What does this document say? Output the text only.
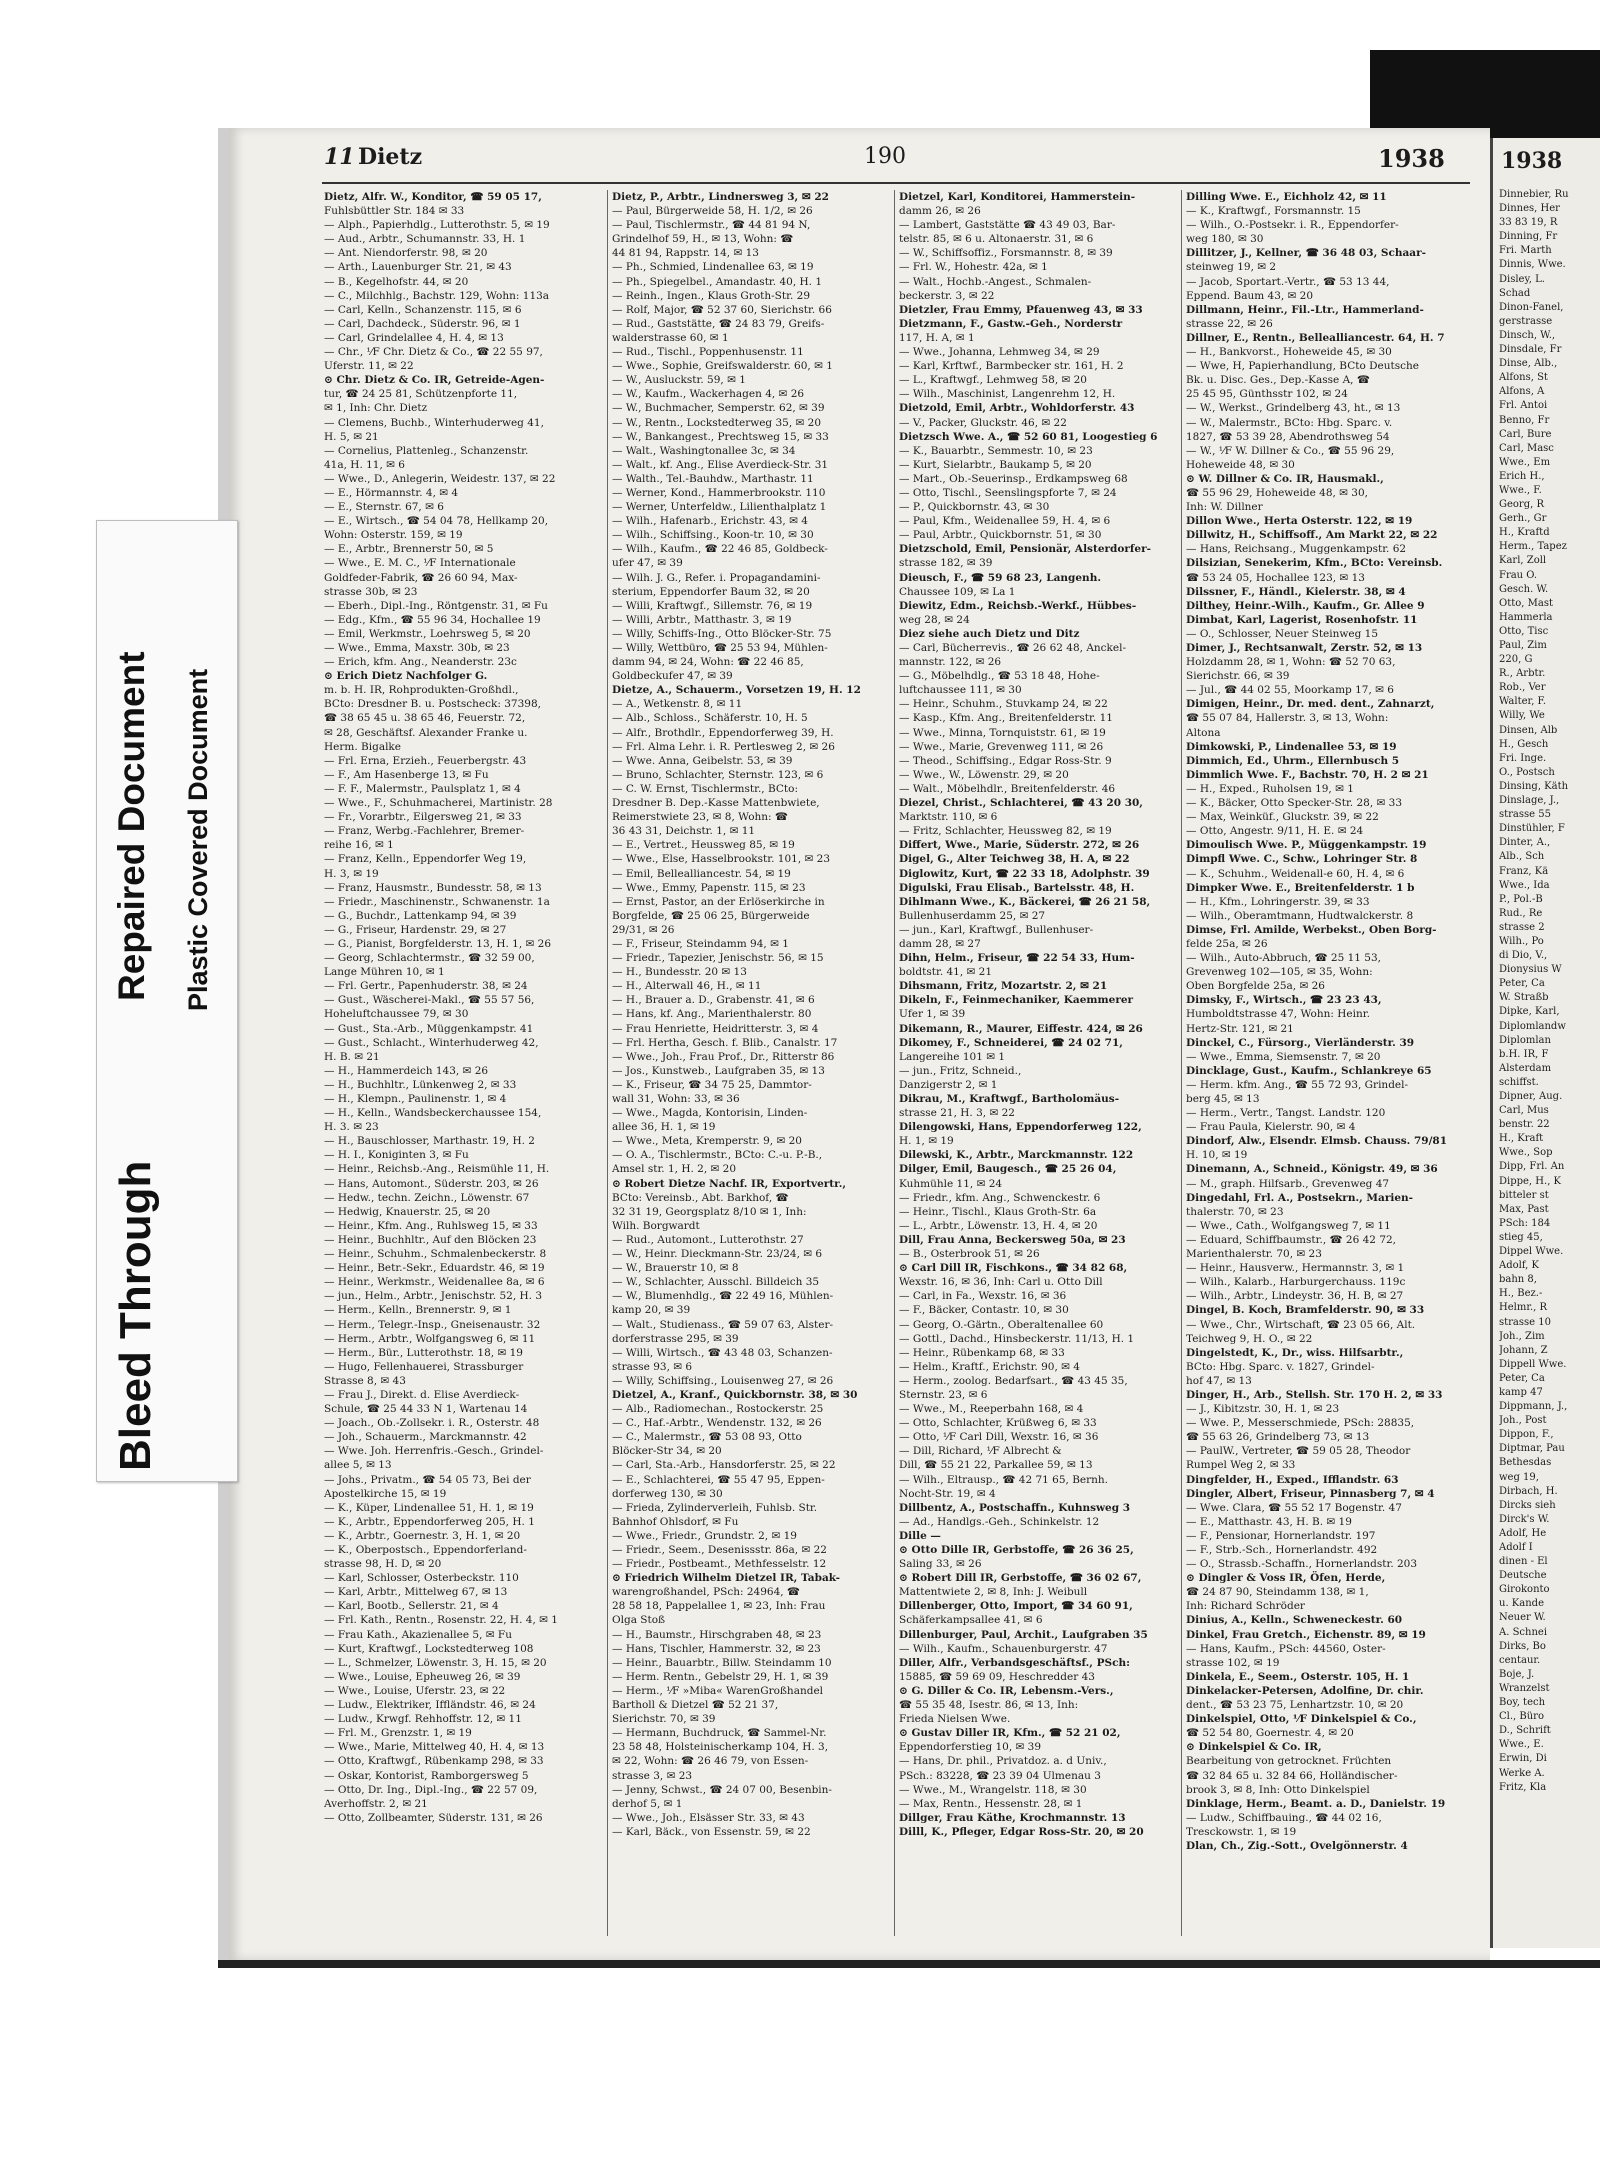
11 Dietz	190	1938

Dietz, Alfr. W., Konditor, ☎ 59 05 17,

Fuhlsbüttler Str. 184 ✉ 33

— Alph., Papierhdlg., Lutterothstr. 5, ✉ 19

— Aud., Arbtr., Schumannstr. 33, H. 1

— Ant. Niendorferstr. 98, ✉ 20

— Arth., Lauenburger Str. 21, ✉ 43

— B., Kegelhofstr. 44, ✉ 20

— C., Milchhlg., Bachstr. 129, Wohn: 113a

— Carl, Kelln., Schanzenstr. 115, ✉ 6

— Carl, Dachdeck., Süderstr. 96, ✉ 1

— Carl, Grindelallee 4, H. 4, ✉ 13

— Chr., ⅟F Chr. Dietz & Co., ☎ 22 55 97,

Uferstr. 11, ✉ 22

⊙ Chr. Dietz & Co. IR, Getreide-Agen-

tur, ☎ 24 25 81, Schützenpforte 11,

✉ 1, Inh: Chr. Dietz

— Clemens, Buchb., Winterhuderweg 41,

H. 5, ✉ 21

— Cornelius, Plattenleg., Schanzenstr.

41a, H. 11, ✉ 6

— Wwe., D., Anlegerin, Weidestr. 137, ✉ 22

— E., Hörmannstr. 4, ✉ 4

— E., Sternstr. 67, ✉ 6

— E., Wirtsch., ☎ 54 04 78, Hellkamp 20,

Wohn: Osterstr. 159, ✉ 19

— E., Arbtr., Brennerstr 50, ✉ 5

— Wwe., E. M. C., ⅟F Internationale

Goldfeder-Fabrik, ☎ 26 60 94, Max-

strasse 30b, ✉ 23

— Eberh., Dipl.-Ing., Röntgenstr. 31, ✉ Fu

— Edg., Kfm., ☎ 55 96 34, Hochallee 19

— Emil, Werkmstr., Loehrsweg 5, ✉ 20

— Wwe., Emma, Maxstr. 30b, ✉ 23

— Erich, kfm. Ang., Neanderstr. 23c

⊙ Erich Dietz Nachfolger G.

m. b. H. IR, Rohprodukten-Großhdl.,

BCto: Dresdner B. u. Postscheck: 37398,

☎ 38 65 45 u. 38 65 46, Feuerstr. 72,

✉ 28, Geschäftsf. Alexander Franke u.

Herm. Bigalke

— Frl. Erna, Erzieh., Feuerbergstr. 43

— F., Am Hasenberge 13, ✉ Fu

— F. F., Malermstr., Paulsplatz 1, ✉ 4

— Wwe., F., Schuhmacherei, Martinistr. 28

— Fr., Vorarbtr., Eilgersweg 21, ✉ 33

— Franz, Werbg.-Fachlehrer, Bremer-

reihe 16, ✉ 1

— Franz, Kelln., Eppendorfer Weg 19,

H. 3, ✉ 19

— Franz, Hausmstr., Bundesstr. 58, ✉ 13

— Friedr., Maschinenstr., Schwanenstr. 1a

— G., Buchdr., Lattenkamp 94, ✉ 39

— G., Friseur, Hardenstr. 29, ✉ 27

— G., Pianist, Borgfelderstr. 13, H. 1, ✉ 26

— Georg, Schlachtermstr., ☎ 32 59 00,

Lange Mühren 10, ✉ 1

— Frl. Gertr., Papenhuderstr. 38, ✉ 24

— Gust., Wäscherei-Makl., ☎ 55 57 56,

Hoheluftchaussee 79, ✉ 30

— Gust., Sta.-Arb., Müggenkampstr. 41

— Gust., Schlacht., Winterhuderweg 42,

H. B. ✉ 21

— H., Hammerdeich 143, ✉ 26

— H., Buchhltr., Lünkenweg 2, ✉ 33

— H., Klempn., Paulinenstr. 1, ✉ 4

— H., Kelln., Wandsbeckerchaussee 154,

H. 3. ✉ 23

— H., Bauschlosser, Marthastr. 19, H. 2

— H. I., Koniginten 3, ✉ Fu

— Heinr., Reichsb.-Ang., Reismühle 11, H.

— Hans, Automont., Süderstr. 203, ✉ 26

— Hedw., techn. Zeichn., Löwenstr. 67

— Hedwig, Knauerstr. 25, ✉ 20

— Heinr., Kfm. Ang., Ruhlsweg 15, ✉ 33

— Heinr., Buchhltr., Auf den Blöcken 23

— Heinr., Schuhm., Schmalenbeckerstr. 8

— Heinr., Betr.-Sekr., Eduardstr. 46, ✉ 19

— Heinr., Werkmstr., Weidenallee 8a, ✉ 6

— jun., Helm., Arbtr., Jenischstr. 52, H. 3

— Herm., Kelln., Brennerstr. 9, ✉ 1

— Herm., Telegr.-Insp., Gneisenaustr. 32

— Herm., Arbtr., Wolfgangsweg 6, ✉ 11

— Herm., Bür., Lutterothstr. 18, ✉ 19

— Hugo, Fellenhauerei, Strassburger

Strasse 8, ✉ 43

— Frau J., Direkt. d. Elise Averdieck-

Schule, ☎ 25 44 33 N 1, Wartenau 14

— Joach., Ob.-Zollsekr. i. R., Osterstr. 48

— Joh., Schauerm., Marckmannstr. 42

— Wwe. Joh. Herrenfris.-Gesch., Grindel-

allee 5, ✉ 13

— Johs., Privatm., ☎ 54 05 73, Bei der

Apostelkirche 15, ✉ 19

— K., Küper, Lindenallee 51, H. 1, ✉ 19

— K., Arbtr., Eppendorferweg 205, H. 1

— K., Arbtr., Goernestr. 3, H. 1, ✉ 20

— K., Oberpostsch., Eppendorferland-

strasse 98, H. D, ✉ 20

— Karl, Schlosser, Osterbeckstr. 110

— Karl, Arbtr., Mittelweg 67, ✉ 13

— Karl, Bootb., Sellerstr. 21, ✉ 4

— Frl. Kath., Rentn., Rosenstr. 22, H. 4, ✉ 1

— Frau Kath., Akazienallee 5, ✉ Fu

— Kurt, Kraftwgf., Lockstedterweg 108

— L., Schmelzer, Löwenstr. 3, H. 15, ✉ 20

— Wwe., Louise, Epheuweg 26, ✉ 39

— Wwe., Louise, Uferstr. 23, ✉ 22

— Ludw., Elektriker, Iffländstr. 46, ✉ 24

— Ludw., Krwgf. Rehhoffstr. 12, ✉ 11

— Frl. M., Grenzstr. 1, ✉ 19

— Wwe., Marie, Mittelweg 40, H. 4, ✉ 13

— Otto, Kraftwgf., Rübenkamp 298, ✉ 33

— Oskar, Kontorist, Ramborgersweg 5

— Otto, Dr. Ing., Dipl.-Ing., ☎ 22 57 09,

Averhoffstr. 2, ✉ 21

— Otto, Zollbeamter, Süderstr. 131, ✉ 26

Dietz, P., Arbtr., Lindnersweg 3, ✉ 22

— Paul, Bürgerweide 58, H. 1/2, ✉ 26

— Paul, Tischlermstr., ☎ 44 81 94 N,

Grindelhof 59, H., ✉ 13, Wohn: ☎

44 81 94, Rappstr. 14, ✉ 13

— Ph., Schmied, Lindenallee 63, ✉ 19

— Ph., Spiegelbel., Amandastr. 40, H. 1

— Reinh., Ingen., Klaus Groth-Str. 29

— Rolf, Major, ☎ 52 37 60, Sierichstr. 66

— Rud., Gaststätte, ☎ 24 83 79, Greifs-

walderstrasse 60, ✉ 1

— Rud., Tischl., Poppenhusenstr. 11

— Wwe., Sophie, Greifswalderstr. 60, ✉ 1

— W., Ausluckstr. 59, ✉ 1

— W., Kaufm., Wackerhagen 4, ✉ 26

— W., Buchmacher, Semperstr. 62, ✉ 39

— W., Rentn., Lockstedterweg 35, ✉ 20

— W., Bankangest., Prechtsweg 15, ✉ 33

— Walt., Washingtonallee 3c, ✉ 34

— Walt., kf. Ang., Elise Averdieck-Str. 31

— Walth., Tel.-Bauhdw., Marthastr. 11

— Werner, Kond., Hammerbrookstr. 110

— Werner, Unterfeldw., Lilienthalplatz 1

— Wilh., Hafenarb., Erichstr. 43, ✉ 4

— Wilh., Schiffsing., Koon-tr. 10, ✉ 30

— Wilh., Kaufm., ☎ 22 46 85, Goldbeck-

ufer 47, ✉ 39

— Wilh. J. G., Refer. i. Propagandamini-

sterium, Eppendorfer Baum 32, ✉ 20

— Willi, Kraftwgf., Sillemstr. 76, ✉ 19

— Willi, Arbtr., Matthastr. 3, ✉ 19

— Willy, Schiffs-Ing., Otto Blöcker-Str. 75

— Willy, Wettbüro, ☎ 25 53 94, Mühlen-

damm 94, ✉ 24, Wohn: ☎ 22 46 85,

Goldbeckufer 47, ✉ 39

Dietze, A., Schauerm., Vorsetzen 19, H. 12

— A., Wetkenstr. 8, ✉ 11

— Alb., Schloss., Schäferstr. 10, H. 5

— Alfr., Brothdlr., Eppendorferweg 39, H.

— Frl. Alma Lehr. i. R. Pertlesweg 2, ✉ 26

— Wwe. Anna, Geibelstr. 53, ✉ 39

— Bruno, Schlachter, Sternstr. 123, ✉ 6

— C. W. Ernst, Tischlermstr., BCto:

Dresdner B. Dep.-Kasse Mattenbwiete,

Reimerstwiete 23, ✉ 8, Wohn: ☎

36 43 31, Deichstr. 1, ✉ 11

— E., Vertret., Heussweg 85, ✉ 19

— Wwe., Else, Hasselbrookstr. 101, ✉ 23

— Emil, Bellealliancestr. 54, ✉ 19

— Wwe., Emmy, Papenstr. 115, ✉ 23

— Ernst, Pastor, an der Erlöserkirche in

Borgfelde, ☎ 25 06 25, Bürgerweide

29/31, ✉ 26

— F., Friseur, Steindamm 94, ✉ 1

— Friedr., Tapezier, Jenischstr. 56, ✉ 15

— H., Bundesstr. 20 ✉ 13

— H., Alterwall 46, H., ✉ 11

— H., Brauer a. D., Grabenstr. 41, ✉ 6

— Hans, kf. Ang., Marienthalerstr. 80

— Frau Henriette, Heidritterstr. 3, ✉ 4

— Frl. Hertha, Gesch. f. Blib., Canalstr. 17

— Wwe., Joh., Frau Prof., Dr., Ritterstr 86

— Jos., Kunstweb., Laufgraben 35, ✉ 13

— K., Friseur, ☎ 34 75 25, Dammtor-

wall 31, Wohn: 33, ✉ 36

— Wwe., Magda, Kontorisin, Linden-

allee 36, H. 1, ✉ 19

— Wwe., Meta, Kremperstr. 9, ✉ 20

— O. A., Tischlermstr., BCto: C.-u. P.-B.,

Amsel str. 1, H. 2, ✉ 20

⊙ Robert Dietze Nachf. IR, Exportvertr.,

BCto: Vereinsb., Abt. Barkhof, ☎

32 31 19, Georgsplatz 8/10 ✉ 1, Inh:

Wilh. Borgwardt

— Rud., Automont., Lutterothstr. 27

— W., Heinr. Dieckmann-Str. 23/24, ✉ 6

— W., Brauerstr 10, ✉ 8

— W., Schlachter, Ausschl. Billdeich 35

— W., Blumenhdlg., ☎ 22 49 16, Mühlen-

kamp 20, ✉ 39

— Walt., Studienass., ☎ 59 07 63, Alster-

dorferstrasse 295, ✉ 39

— Willi, Wirtsch., ☎ 43 48 03, Schanzen-

strasse 93, ✉ 6

— Willy, Schiffsing., Louisenweg 27, ✉ 26

Dietzel, A., Kranf., Quickbornstr. 38, ✉ 30

— Alb., Radiomechan., Rostockerstr. 25

— C., Haf.-Arbtr., Wendenstr. 132, ✉ 26

— C., Malermstr., ☎ 53 08 93, Otto

Blöcker-Str 34, ✉ 20

— Carl, Sta.-Arb., Hansdorferstr. 25, ✉ 22

— E., Schlachterei, ☎ 55 47 95, Eppen-

dorferweg 130, ✉ 30

— Frieda, Zylinderverleih, Fuhlsb. Str.

Bahnhof Ohlsdorf, ✉ Fu

— Wwe., Friedr., Grundstr. 2, ✉ 19

— Friedr., Seem., Desenissstr. 86a, ✉ 22

— Friedr., Postbeamt., Methfesselstr. 12

⊙ Friedrich Wilhelm Dietzel IR, Tabak-

warengroßhandel, PSch: 24964, ☎

28 58 18, Pappelallee 1, ✉ 23, Inh: Frau

Olga Stoß

— H., Baumstr., Hirschgraben 48, ✉ 23

— Hans, Tischler, Hammerstr. 32, ✉ 23

— Heinr., Bauarbtr., Billw. Steindamm 10

— Herm. Rentn., Gebelstr 29, H. 1, ✉ 39

— Herm., ⅟F »Miba« WarenGroßhandel

Bartholl & Dietzel ☎ 52 21 37,

Sierichstr. 70, ✉ 39

— Hermann, Buchdruck, ☎ Sammel-Nr.

23 58 48, Holsteinischerkamp 104, H. 3,

✉ 22, Wohn: ☎ 26 46 79, von Essen-

strasse 3, ✉ 23

— Jenny, Schwst., ☎ 24 07 00, Besenbin-

derhof 5, ✉ 1

— Wwe., Joh., Elsässer Str. 33, ✉ 43

— Karl, Bäck., von Essenstr. 59, ✉ 22

Dietzel, Karl, Konditorei, Hammerstein-

damm 26, ✉ 26

— Lambert, Gaststätte ☎ 43 49 03, Bar-

telstr. 85, ✉ 6 u. Altonaerstr. 31, ✉ 6

— W., Schiffsoffiz., Forsmannstr. 8, ✉ 39

— Frl. W., Hohestr. 42a, ✉ 1

— Walt., Hochb.-Angest., Schmalen-

beckerstr. 3, ✉ 22

Dietzler, Frau Emmy, Pfauenweg 43, ✉ 33

Dietzmann, F., Gastw.-Geh., Norderstr

117, H. A, ✉ 1

— Wwe., Johanna, Lehmweg 34, ✉ 29

— Karl, Krftwf., Barmbecker str. 161, H. 2

— L., Kraftwgf., Lehmweg 58, ✉ 20

— Wilh., Maschinist, Langenrehm 12, H.

Dietzold, Emil, Arbtr., Wohldorferstr. 43

— V., Packer, Gluckstr. 46, ✉ 22

Dietzsch Wwe. A., ☎ 52 60 81, Loogestieg 6

— K., Bauarbtr., Semmestr. 10, ✉ 23

— Kurt, Sielarbtr., Baukamp 5, ✉ 20

— Mart., Ob.-Seuerinsp., Erdkampsweg 68

— Otto, Tischl., Seenslingspforte 7, ✉ 24

— P., Quickbornstr. 43, ✉ 30

— Paul, Kfm., Weidenallee 59, H. 4, ✉ 6

— Paul, Arbtr., Quickbornstr. 51, ✉ 30

Dietzschold, Emil, Pensionär, Alsterdorfer-

strasse 182, ✉ 39

Dieusch, F., ☎ 59 68 23, Langenh.

Chaussee 109, ✉ La 1

Diewitz, Edm., Reichsb.-Werkf., Hübbes-

weg 28, ✉ 24

Diez siehe auch Dietz und Ditz

— Carl, Bücherrevis., ☎ 26 62 48, Anckel-

mannstr. 122, ✉ 26

— G., Möbelhdlg., ☎ 53 18 48, Hohe-

luftchaussee 111, ✉ 30

— Heinr., Schuhm., Stuvkamp 24, ✉ 22

— Kasp., Kfm. Ang., Breitenfelderstr. 11

— Wwe., Minna, Tornquiststr. 61, ✉ 19

— Wwe., Marie, Grevenweg 111, ✉ 26

— Theod., Schiffsing., Edgar Ross-Str. 9

— Wwe., W., Löwenstr. 29, ✉ 20

— Walt., Möbelhdlr., Breitenfelderstr. 46

Diezel, Christ., Schlachterei, ☎ 43 20 30,

Marktstr. 110, ✉ 6

— Fritz, Schlachter, Heussweg 82, ✉ 19

Differt, Wwe., Marie, Süderstr. 272, ✉ 26

Digel, G., Alter Teichweg 38, H. A, ✉ 22

Diglowitz, Kurt, ☎ 22 33 18, Adolphstr. 39

Digulski, Frau Elisab., Bartelsstr. 48, H.

Dihlmann Wwe., K., Bäckerei, ☎ 26 21 58,

Bullenhuserdamm 25, ✉ 27

— jun., Karl, Kraftwgf., Bullenhuser-

damm 28, ✉ 27

Dihn, Helm., Friseur, ☎ 22 54 33, Hum-

boldtstr. 41, ✉ 21

Dihsmann, Fritz, Mozartstr. 2, ✉ 21

Dikeln, F., Feinmechaniker, Kaemmerer

Ufer 1, ✉ 39

Dikemann, R., Maurer, Eiffestr. 424, ✉ 26

Dikomey, F., Schneiderei, ☎ 24 02 71,

Langereihe 101 ✉ 1

— jun., Fritz, Schneid.,

Danzigerstr 2, ✉ 1

Dikrau, M., Kraftwgf., Bartholomäus-

strasse 21, H. 3, ✉ 22

Dilengowski, Hans, Eppendorferweg 122,

H. 1, ✉ 19

Dilewski, K., Arbtr., Marckmannstr. 122

Dilger, Emil, Baugesch., ☎ 25 26 04,

Kuhmühle 11, ✉ 24

— Friedr., kfm. Ang., Schwenckestr. 6

— Heinr., Tischl., Klaus Groth-Str. 6a

— L., Arbtr., Löwenstr. 13, H. 4, ✉ 20

Dill, Frau Anna, Beckersweg 50a, ✉ 23

— B., Osterbrook 51, ✉ 26

⊙ Carl Dill IR, Fischkons., ☎ 34 82 68,

Wexstr. 16, ✉ 36, Inh: Carl u. Otto Dill

— Carl, in Fa., Wexstr. 16, ✉ 36

— F., Bäcker, Contastr. 10, ✉ 30

— Georg, O.-Gärtn., Oberaltenallee 60

— Gottl., Dachd., Hinsbeckerstr. 11/13, H. 1

— Heinr., Rübenkamp 68, ✉ 33

— Helm., Kraftf., Erichstr. 90, ✉ 4

— Herm., zoolog. Bedarfsart., ☎ 43 45 35,

Sternstr. 23, ✉ 6

— Wwe., M., Reeperbahn 168, ✉ 4

— Otto, Schlachter, Krüßweg 6, ✉ 33

— Otto, ⅟F Carl Dill, Wexstr. 16, ✉ 36

— Dill, Richard, ⅟F Albrecht &

Dill, ☎ 55 21 22, Parkallee 59, ✉ 13

— Wilh., Eltrausp., ☎ 42 71 65, Bernh.

Nocht-Str. 19, ✉ 4

Dillbentz, A., Postschaffn., Kuhnsweg 3

— Ad., Handlgs.-Geh., Schinkelstr. 12

Dille —

⊙ Otto Dille IR, Gerbstoffe, ☎ 26 36 25,

Saling 33, ✉ 26

⊙ Robert Dill IR, Gerbstoffe, ☎ 36 02 67,

Mattentwiete 2, ✉ 8, Inh: J. Weibull

Dillenberger, Otto, Import, ☎ 34 60 91,

Schäferkampsallee 41, ✉ 6

Dillenburger, Paul, Archit., Laufgraben 35

— Wilh., Kaufm., Schauenburgerstr. 47

Diller, Alfr., Verbandsgeschäftsf., PSch:

15885, ☎ 59 69 09, Heschredder 43

⊙ G. Diller & Co. IR, Lebensm.-Vers.,

☎ 55 35 48, Isestr. 86, ✉ 13, Inh:

Frieda Nielsen Wwe.

⊙ Gustav Diller IR, Kfm., ☎ 52 21 02,

Eppendorferstieg 10, ✉ 39

— Hans, Dr. phil., Privatdoz. a. d Univ.,

PSch.: 83228, ☎ 23 39 04 Ulmenau 3

— Wwe., M., Wrangelstr. 118, ✉ 30

— Max, Rentn., Hessenstr. 28, ✉ 1

Dillger, Frau Käthe, Krochmannstr. 13

Dilll, K., Pfleger, Edgar Ross-Str. 20, ✉ 20

Dilling Wwe. E., Eichholz 42, ✉ 11

— K., Kraftwgf., Forsmannstr. 15

— Wilh., O.-Postsekr. i. R., Eppendorfer-

weg 180, ✉ 30

Dillitzer, J., Kellner, ☎ 36 48 03, Schaar-

steinweg 19, ✉ 2

— Jacob, Sportart.-Vertr., ☎ 53 13 44,

Eppend. Baum 43, ✉ 20

Dillmann, Heinr., Fil.-Ltr., Hammerland-

strasse 22, ✉ 26

Dillner, E., Rentn., Bellealliancestr. 64, H. 7

— H., Bankvorst., Hoheweide 45, ✉ 30

— Wwe, H, Papierhandlung, BCto Deutsche

Bk. u. Disc. Ges., Dep.-Kasse A, ☎

25 45 95, Günthsstr 102, ✉ 24

— W., Werkst., Grindelberg 43, ht., ✉ 13

— W., Malermstr., BCto: Hbg. Sparc. v.

1827, ☎ 53 39 28, Abendrothsweg 54

— W., ⅟F W. Dillner & Co., ☎ 55 96 29,

Hoheweide 48, ✉ 30

⊙ W. Dillner & Co. IR, Hausmakl.,

☎ 55 96 29, Hoheweide 48, ✉ 30,

Inh: W. Dillner

Dillon Wwe., Herta Osterstr. 122, ✉ 19

Dillwitz, H., Schiffsoff., Am Markt 22, ✉ 22

— Hans, Reichsang., Muggenkampstr. 62

Dilsizian, Senekerim, Kfm., BCto: Vereinsb.

☎ 53 24 05, Hochallee 123, ✉ 13

Dilssner, F., Händl., Kielerstr. 38, ✉ 4

Dilthey, Heinr.-Wilh., Kaufm., Gr. Allee 9

Dimbat, Karl, Lagerist, Rosenhofstr. 11

— O., Schlosser, Neuer Steinweg 15

Dimer, J., Rechtsanwalt, Zerstr. 52, ✉ 13

Holzdamm 28, ✉ 1, Wohn: ☎ 52 70 63,

Sierichstr. 66, ✉ 39

— Jul., ☎ 44 02 55, Moorkamp 17, ✉ 6

Dimigen, Heinr., Dr. med. dent., Zahnarzt,

☎ 55 07 84, Hallerstr. 3, ✉ 13, Wohn:

Altona

Dimkowski, P., Lindenallee 53, ✉ 19

Dimmich, Ed., Uhrm., Ellernbusch 5

Dimmlich Wwe. F., Bachstr. 70, H. 2 ✉ 21

— H., Exped., Ruholsen 19, ✉ 1

— K., Bäcker, Otto Specker-Str. 28, ✉ 33

— Max, Weinküf., Gluckstr. 39, ✉ 22

— Otto, Angestr. 9/11, H. E. ✉ 24

Dimoulisch Wwe. P., Müggenkampstr. 19

Dimpfl Wwe. C., Schw., Lohringer Str. 8

— K., Schuhm., Weidenall-e 60, H. 4, ✉ 6

Dimpker Wwe. E., Breitenfelderstr. 1 b

— H., Kfm., Lohringerstr. 39, ✉ 33

— Wilh., Oberamtmann, Hudtwalckerstr. 8

Dimse, Frl. Amilde, Werbekst., Oben Borg-

felde 25a, ✉ 26

— Wilh., Auto-Abbruch, ☎ 25 11 53,

Grevenweg 102—105, ✉ 35, Wohn:

Oben Borgfelde 25a, ✉ 26

Dimsky, F., Wirtsch., ☎ 23 23 43,

Humboldtstrasse 47, Wohn: Heinr.

Hertz-Str. 121, ✉ 21

Dinckel, C., Fürsorg., Vierländerstr. 39

— Wwe., Emma, Siemsenstr. 7, ✉ 20

Dincklage, Gust., Kaufm., Schlankreye 65

— Herm. kfm. Ang., ☎ 55 72 93, Grindel-

berg 45, ✉ 13

— Herm., Vertr., Tangst. Landstr. 120

— Frau Paula, Kielerstr. 90, ✉ 4

Dindorf, Alw., Elsendr. Elmsb. Chauss. 79/81

H. 10, ✉ 19

Dinemann, A., Schneid., Königstr. 49, ✉ 36

— M., graph. Hilfsarb., Grevenweg 47

Dingedahl, Frl. A., Postsekrn., Marien-

thalerstr. 70, ✉ 23

— Wwe., Cath., Wolfgangsweg 7, ✉ 11

— Eduard, Schiffbaumstr., ☎ 26 42 72,

Marienthalerstr. 70, ✉ 23

— Heinr., Hausverw., Hermannstr. 3, ✉ 1

— Wilh., Kalarb., Harburgerchauss. 119c

— Wilh., Arbtr., Lindeystr. 36, H. B, ✉ 27

Dingel, B. Koch, Bramfelderstr. 90, ✉ 33

— Wwe., Chr., Wirtschaft, ☎ 23 05 66, Alt.

Teichweg 9, H. O., ✉ 22

Dingelstedt, K., Dr., wiss. Hilfsarbtr.,

BCto: Hbg. Sparc. v. 1827, Grindel-

hof 47, ✉ 13

Dinger, H., Arb., Stellsh. Str. 170 H. 2, ✉ 33

— J., Kibitzstr. 30, H. 1, ✉ 23

— Wwe. P., Messerschmiede, PSch: 28835,

☎ 55 63 26, Grindelberg 73, ✉ 13

— PaulW., Vertreter, ☎ 59 05 28, Theodor

Rumpel Weg 2, ✉ 33

Dingfelder, H., Exped., Ifflandstr. 63

Dingler, Albert, Friseur, Pinnasberg 7, ✉ 4

— Wwe. Clara, ☎ 55 52 17 Bogenstr. 47

— E., Matthastr. 43, H. B. ✉ 19

— F., Pensionar, Hornerlandstr. 197

— F., Strb.-Sch., Hornerlandstr. 492

— O., Strassb.-Schaffn., Hornerlandstr. 203

⊙ Dingler & Voss IR, Öfen, Herde,

☎ 24 87 90, Steindamm 138, ✉ 1,

Inh: Richard Schröder

Dinius, A., Kelln., Schweneckestr. 60

Dinkel, Frau Gretch., Eichenstr. 89, ✉ 19

— Hans, Kaufm., PSch: 44560, Oster-

strasse 102, ✉ 19

Dinkela, E., Seem., Osterstr. 105, H. 1

Dinkelacker-Petersen, Adolfine, Dr. chir.

dent., ☎ 53 23 75, Lenhartzstr. 10, ✉ 20

Dinkelspiel, Otto, ⅟F Dinkelspiel & Co.,

☎ 52 54 80, Goernestr. 4, ✉ 20

⊙ Dinkelspiel & Co. IR,

Bearbeitung von getrocknet. Früchten

☎ 32 84 65 u. 32 84 66, Holländischer-

brook 3, ✉ 8, Inh: Otto Dinkelspiel

Dinklage, Herm., Beamt. a. D., Danielstr. 19

— Ludw., Schiffbauing., ☎ 44 02 16,

Tresckowstr. 1, ✉ 19

Dlan, Ch., Zig.-Sott., Ovelgönnerstr. 4

1938

Dinnebier, Ru

Dinnes, Her

33 83 19, R

Dinning, Fr

Fri. Marth

Dinnis, Wwe.

Disley, L.

Schad

Dinon-Fanel,

gerstrasse

Dinsch, W.,

Dinsdale, Fr

Dinse, Alb.,

Alfons, St

Alfons, A

Frl. Antoi

Benno, Fr

Carl, Bure

Carl, Masc

Wwe., Em

Erich H.,

Wwe., F.

Georg, R

Gerh., Gr

H., Kraftd

Herm., Tapez

Karl, Zoll

Frau O.

Gesch. W.

Otto, Mast

Hammerla

Otto, Tisc

Paul, Zim

220, G

R., Arbtr.

Rob., Ver

Walter, F.

Willy, We

Dinsen, Alb

H., Gesch

Fri. Inge.

O., Postsch

Dinsing, Käth

Dinslage, J.,

strasse 55

Dinstühler, F

Dinter, A.,

Alb., Sch

Franz, Kä

Wwe., Ida

P., Pol.-B

Rud., Re

strasse 2

Wilh., Po

di Dio, V.,

Dionysius W

Peter, Ca

W. Straßb

Dipke, Karl,

Diplomlandw

Diplomlan

b.H. IR, F

Alsterdam

schiffst.

Dipner, Aug.

Carl, Mus

benstr. 22

H., Kraft

Wwe., Sop

Dipp, Frl. An

Dippe, H., K

bitteler st

Max, Past

PSch: 184

stieg 45,

Dippel Wwe.

Adolf, K

bahn 8,

H., Bez.-

Helmr., R

strasse 10

Joh., Zim

Johann, Z

Dippell Wwe.

Peter, Ca

kamp 47

Dippmann, J.,

Joh., Post

Dippon, F.,

Diptmar, Pau

Bethesdas

weg 19,

Dirbach, H.

Dircks sieh

Dirck's W.

Adolf, He

Adolf I

dinen - El

Deutsche

Girokonto

u. Kande

Neuer W.

A. Schnei

Dirks, Bo

centaur.

Boje, J.

Wranzelst

Boy, tech

Cl., Büro

D., Schrift

Wwe., E.

Erwin, Di

Werke A.

Fritz, Kla

Bleed Through
Repaired Document Plastic Covered Document
